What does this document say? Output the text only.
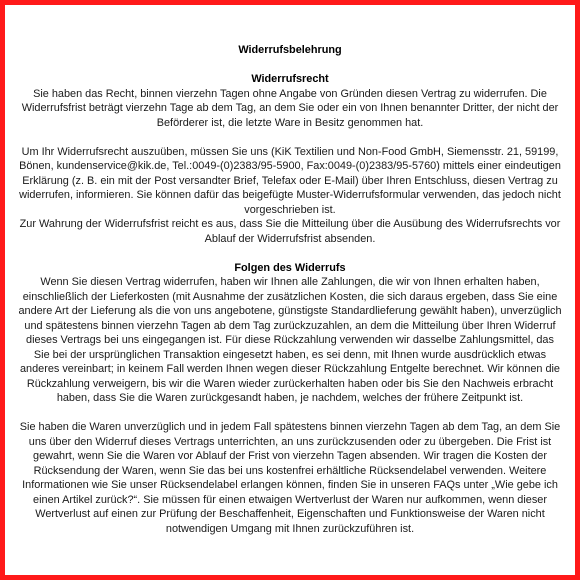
Widerrufsbelehrung

Widerrufsrecht

Sie haben das Recht, binnen vierzehn Tagen ohne Angabe von Gründen diesen Vertrag zu widerrufen. Die Widerrufsfrist beträgt vierzehn Tage ab dem Tag, an dem Sie oder ein von Ihnen benannter Dritter, der nicht der Beförderer ist, die letzte Ware in Besitz genommen hat.

Um Ihr Widerrufsrecht auszuüben, müssen Sie uns (KiK Textilien und Non-Food GmbH, Siemensstr. 21, 59199, Bönen, kundenservice@kik.de, Tel.:0049-(0)2383/95-5900, Fax:0049-(0)2383/95-5760) mittels einer eindeutigen Erklärung (z. B. ein mit der Post versandter Brief, Telefax oder E-Mail) über Ihren Entschluss, diesen Vertrag zu widerrufen, informieren. Sie können dafür das beigefügte Muster-Widerrufsformular verwenden, das jedoch nicht vorgeschrieben ist.

Zur Wahrung der Widerrufsfrist reicht es aus, dass Sie die Mitteilung über die Ausübung des Widerrufsrechts vor Ablauf der Widerrufsfrist absenden.

Folgen des Widerrufs

Wenn Sie diesen Vertrag widerrufen, haben wir Ihnen alle Zahlungen, die wir von Ihnen erhalten haben, einschließlich der Lieferkosten (mit Ausnahme der zusätzlichen Kosten, die sich daraus ergeben, dass Sie eine andere Art der Lieferung als die von uns angebotene, günstigste Standardlieferung gewählt haben), unverzüglich und spätestens binnen vierzehn Tagen ab dem Tag zurückzuzahlen, an dem die Mitteilung über Ihren Widerruf dieses Vertrags bei uns eingegangen ist. Für diese Rückzahlung verwenden wir dasselbe Zahlungsmittel, das Sie bei der ursprünglichen Transaktion eingesetzt haben, es sei denn, mit Ihnen wurde ausdrücklich etwas anderes vereinbart; in keinem Fall werden Ihnen wegen dieser Rückzahlung Entgelte berechnet. Wir können die Rückzahlung verweigern, bis wir die Waren wieder zurückerhalten haben oder bis Sie den Nachweis erbracht haben, dass Sie die Waren zurückgesandt haben, je nachdem, welches der frühere Zeitpunkt ist.

Sie haben die Waren unverzüglich und in jedem Fall spätestens binnen vierzehn Tagen ab dem Tag, an dem Sie uns über den Widerruf dieses Vertrags unterrichten, an uns zurückzusenden oder zu übergeben. Die Frist ist gewahrt, wenn Sie die Waren vor Ablauf der Frist von vierzehn Tagen absenden. Wir tragen die Kosten der Rücksendung der Waren, wenn Sie das bei uns kostenfrei erhältliche Rücksendelabel verwenden. Weitere Informationen wie Sie unser Rücksendelabel erlangen können, finden Sie in unseren FAQs unter „Wie gebe ich einen Artikel zurück?“. Sie müssen für einen etwaigen Wertverlust der Waren nur aufkommen, wenn dieser Wertverlust auf einen zur Prüfung der Beschaffenheit, Eigenschaften und Funktionsweise der Waren nicht notwendigen Umgang mit Ihnen zurückzuführen ist.
